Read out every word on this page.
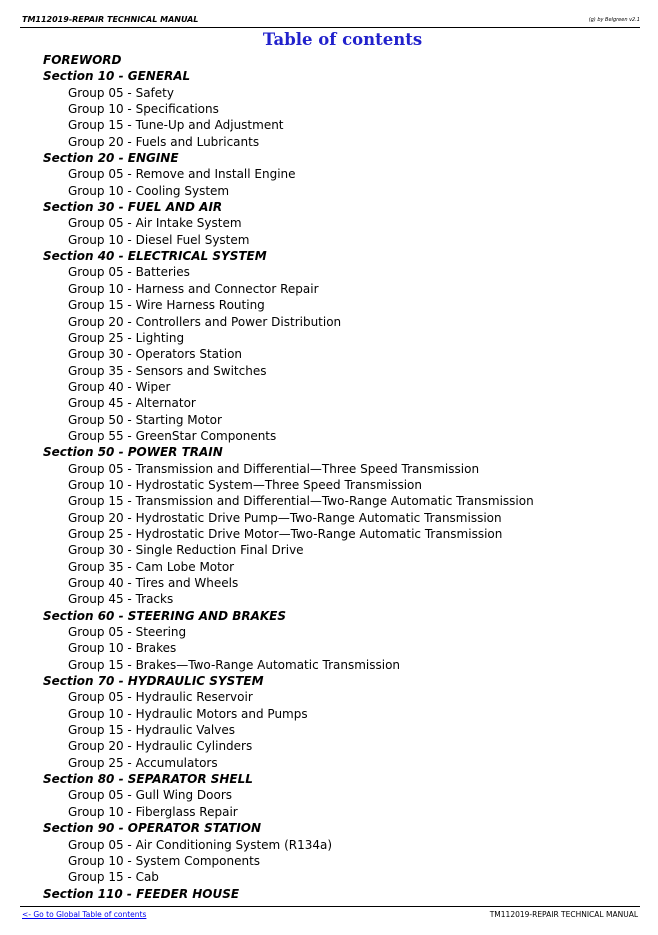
TM112019-REPAIR TECHNICAL MANUAL	(g) by Belgreen v2.1
Table of contents
FOREWORD
Section 10 - GENERAL
Group 05 - Safety
Group 10 - Specifications
Group 15 - Tune-Up and Adjustment
Group 20 - Fuels and Lubricants
Section 20 - ENGINE
Group 05 - Remove and Install Engine
Group 10 - Cooling System
Section 30 - FUEL AND AIR
Group 05 - Air Intake System
Group 10 - Diesel Fuel System
Section 40 - ELECTRICAL SYSTEM
Group 05 - Batteries
Group 10 - Harness and Connector Repair
Group 15 - Wire Harness Routing
Group 20 - Controllers and Power Distribution
Group 25 - Lighting
Group 30 - Operators Station
Group 35 - Sensors and Switches
Group 40 - Wiper
Group 45 - Alternator
Group 50 - Starting Motor
Group 55 - GreenStar Components
Section 50 - POWER TRAIN
Group 05 - Transmission and Differential—Three Speed Transmission
Group 10 - Hydrostatic System—Three Speed Transmission
Group 15 - Transmission and Differential—Two-Range Automatic Transmission
Group 20 - Hydrostatic Drive Pump—Two-Range Automatic Transmission
Group 25 - Hydrostatic Drive Motor—Two-Range Automatic Transmission
Group 30 - Single Reduction Final Drive
Group 35 - Cam Lobe Motor
Group 40 - Tires and Wheels
Group 45 - Tracks
Section 60 - STEERING AND BRAKES
Group 05 - Steering
Group 10 - Brakes
Group 15 - Brakes—Two-Range Automatic Transmission
Section 70 - HYDRAULIC SYSTEM
Group 05 - Hydraulic Reservoir
Group 10 - Hydraulic Motors and Pumps
Group 15 - Hydraulic Valves
Group 20 - Hydraulic Cylinders
Group 25 - Accumulators
Section 80 - SEPARATOR SHELL
Group 05 - Gull Wing Doors
Group 10 - Fiberglass Repair
Section 90 - OPERATOR STATION
Group 05 - Air Conditioning System (R134a)
Group 10 - System Components
Group 15 - Cab
Section 110 - FEEDER HOUSE
<- Go to Global Table of contents	TM112019-REPAIR TECHNICAL MANUAL
